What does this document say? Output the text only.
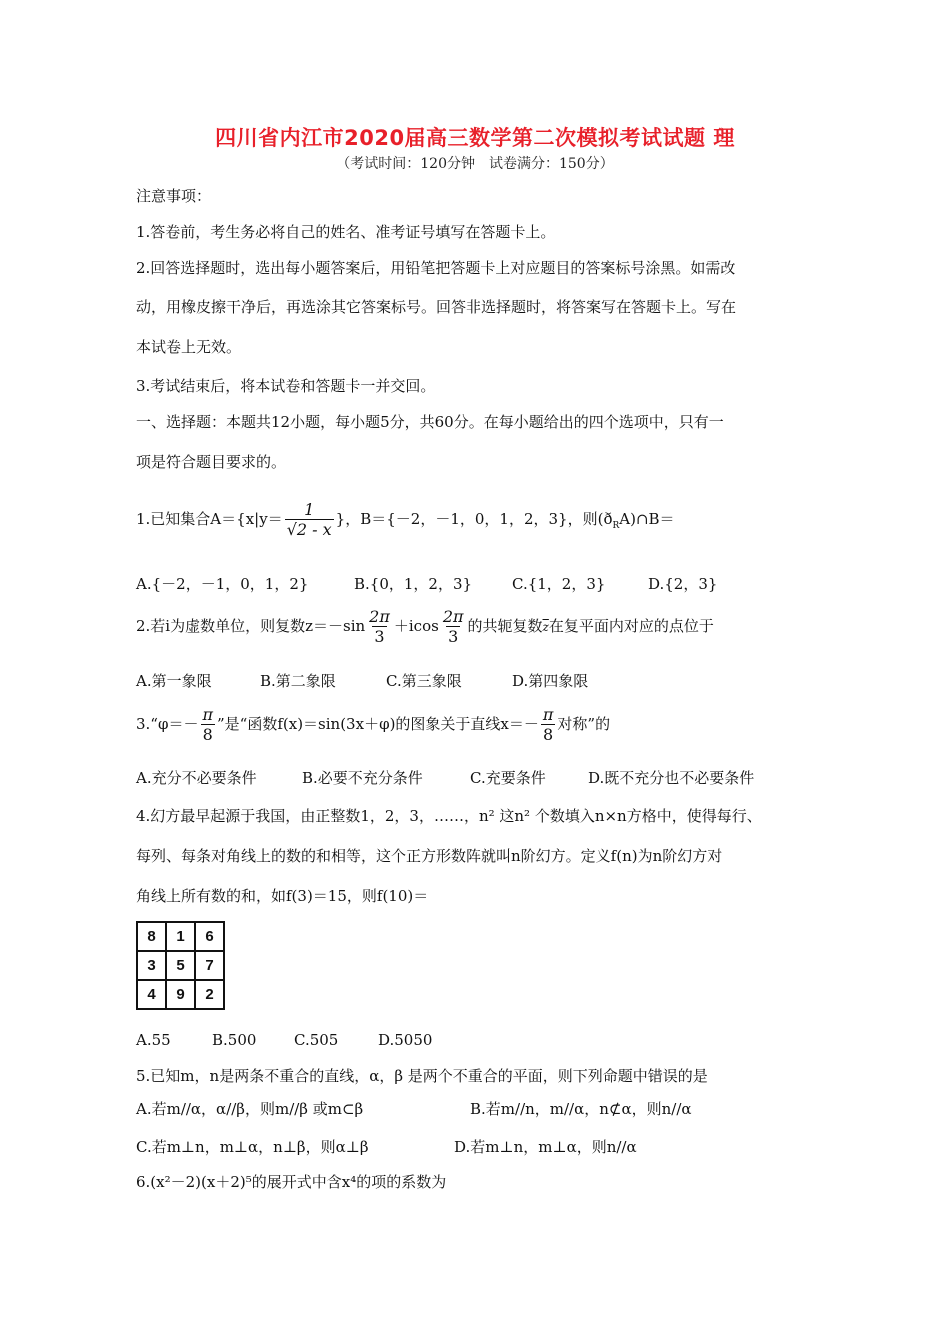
四川省内江市2020届高三数学第二次模拟考试试题 理
（考试时间：120分钟　试卷满分：150分）
注意事项：
1.答卷前，考生务必将自己的姓名、准考证号填写在答题卡上。
2.回答选择题时，选出每小题答案后，用铅笔把答题卡上对应题目的答案标号涂黑。如需改
动，用橡皮擦干净后，再选涂其它答案标号。回答非选择题时，将答案写在答题卡上。写在
本试卷上无效。
3.考试结束后，将本试卷和答题卡一并交回。
一、选择题：本题共12小题，每小题5分，共60分。在每小题给出的四个选项中，只有一
项是符合题目要求的。
1.已知集合$A=\{x|y= \frac{1}{√2 - x}$ }，B＝{－2，－1，0，1，2，3}，则$(ð_RA)\cap B=$
A.{－2，－1，0，1，2}	B.{0，1，2，3}	C.{1，2，3}	D.{2，3}
2.若i为虚数单位，则复数$z=-\sin \frac{2\pi}{3} +icos \frac{2\pi}{3}$ 的共轭复数$\overline{z}$在复平面内对应的点位于
A.第一象限	B.第二象限	C.第三象限	D.第四象限
3.“φ＝－ $\frac{\pi}{8}$ ”是“函数f(x)＝sin(3x＋φ)的图象关于直线$x=- \frac{\pi}{8}$ 对称”的
A.充分不必要条件	B.必要不充分条件	C.充要条件	D.既不充分也不必要条件
4.幻方最早起源于我国，由正整数1，2，3，……，n² 这n² 个数填入n×n方格中，使得每行、
每列、每条对角线上的数的和相等，这个正方形数阵就叫n阶幻方。定义f(n)为n阶幻方对
角线上所有数的和，如f(3)＝15，则f(10)＝
8	1	6
3	5	7
4	9	2
A.55	B.500	C.505	D.5050
5.已知m，n是两条不重合的直线，α，β 是两个不重合的平面，则下列命题中错误的是
A.若m//α，α//β，则m//β 或m⊂β	B.若m//n，m//α，n⊄α，则n//α
C.若m⊥n，m⊥α，n⊥β，则α⊥β	D.若m⊥n，m⊥α，则n//α
6.(x²－2)(x＋2)⁵的展开式中含x⁴的项的系数为
